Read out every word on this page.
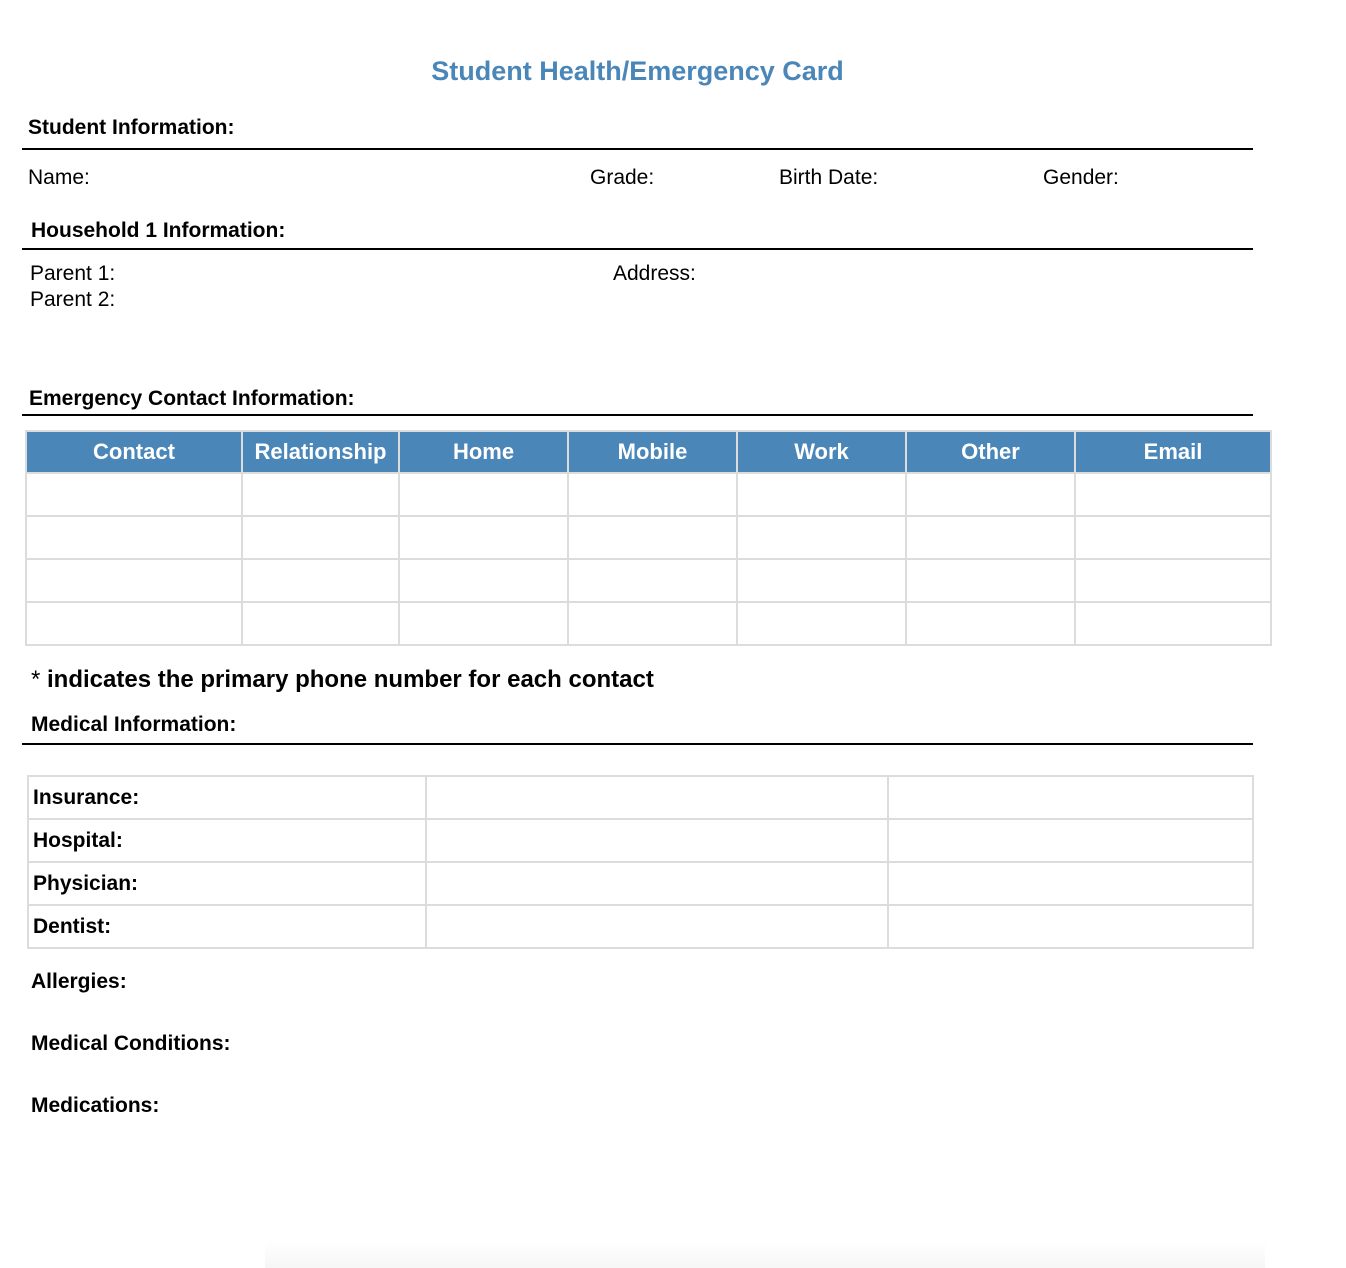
Student Health/Emergency Card
Student Information:
Name:	Grade:	Birth Date:	Gender:
Household 1 Information:
Parent 1:
Parent 2:
Address:
Emergency Contact Information:
Contact	Relationship	Home	Mobile	Work	Other	Email

* indicates the primary phone number for each contact
Medical Information:
Insurance:		
Hospital:		
Physician:		
Dentist:		
Allergies:
Medical Conditions:
Medications:
